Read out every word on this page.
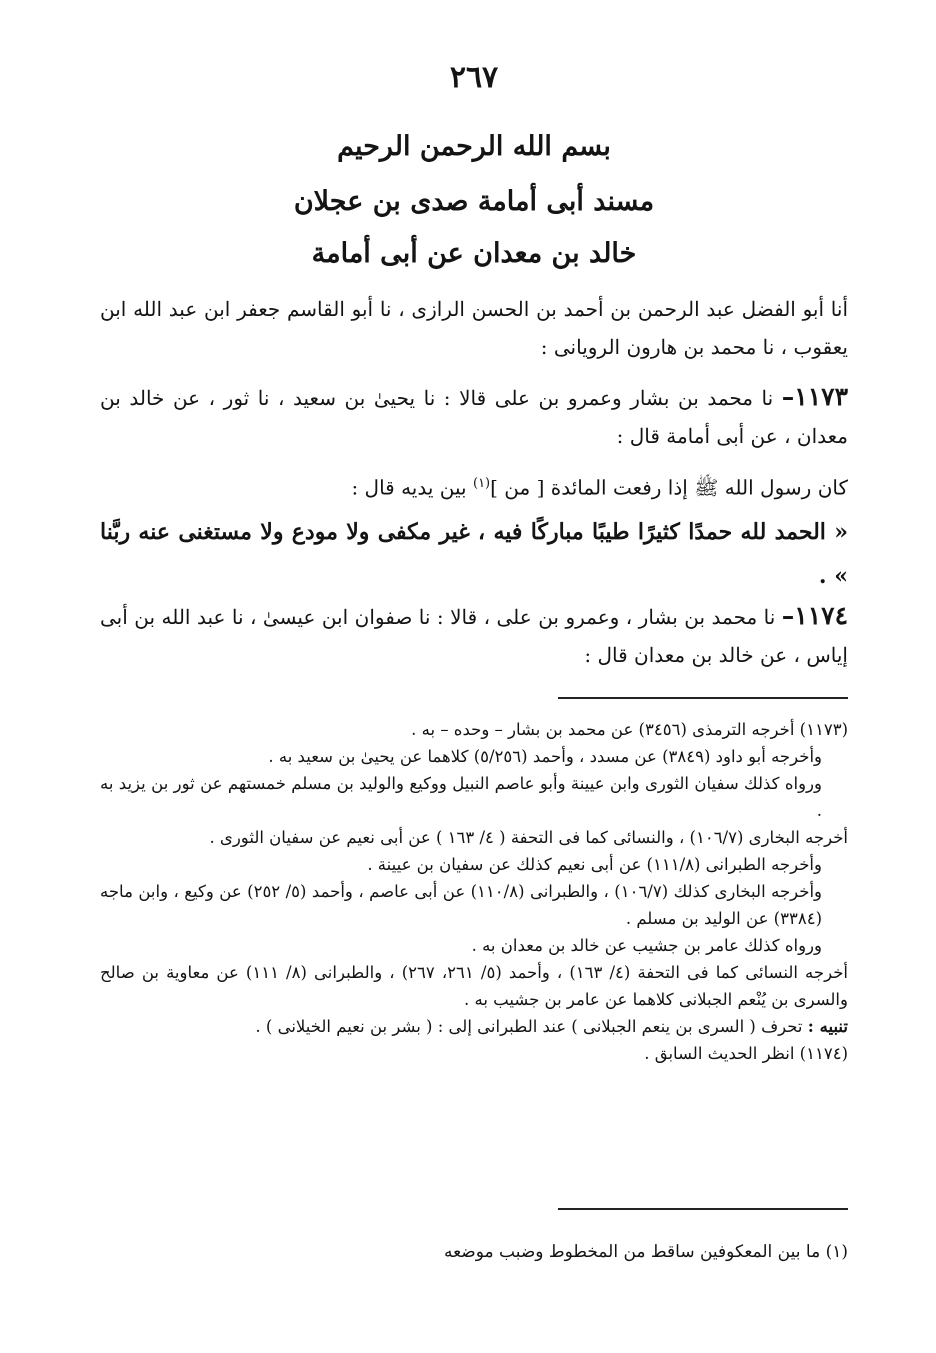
٢٦٧
بسم الله الرحمن الرحيم
مسند أبى أمامة صدى بن عجلان
خالد بن معدان عن أبى أمامة

أنا أبو الفضل عبد الرحمن بن أحمد بن الحسن الرازى ، نا أبو القاسم جعفر ابن عبد الله ابن يعقوب ، نا محمد بن هارون الرويانى :

١١٧٣– نا محمد بن بشار وعمرو بن على قالا : نا يحيىٰ بن سعيد ، نا ثور ، عن خالد بن معدان ، عن أبى أمامة قال :

كان رسول الله ﷺ إذا رفعت المائدة [ من ]$^{(١)}$ بين يديه قال :

« الحمد لله حمدًا كثيرًا طيبًا مباركًا فيه ، غير مكفى ولا مودع ولا مستغنى عنه ربَّنا » .

١١٧٤– نا محمد بن بشار ، وعمرو بن على ، قالا : نا صفوان ابن عيسىٰ ، نا عبد الله بن أبى إياس ، عن خالد بن معدان قال :

(١١٧٣) أخرجه الترمذى (٣٤٥٦) عن محمد بن بشار – وحده – به .

وأخرجه أبو داود (٣٨٤٩) عن مسدد ، وأحمد (٥/٢٥٦) كلاهما عن يحيىٰ بن سعيد به .

ورواه كذلك سفيان الثورى وابن عيينة وأبو عاصم النبيل ووكيع والوليد بن مسلم خمستهم عن ثور بن يزيد به .

أخرجه البخارى (١٠٦/٧) ، والنسائى كما فى التحفة ( ٤/ ١٦٣ ) عن أبى نعيم عن سفيان الثورى .

وأخرجه الطبرانى (١١١/٨) عن أبى نعيم كذلك عن سفيان بن عيينة .

وأخرجه البخارى كذلك (١٠٦/٧) ، والطبرانى (١١٠/٨) عن أبى عاصم ، وأحمد (٥/ ٢٥٢) عن وكيع ، وابن ماجه (٣٣٨٤) عن الوليد بن مسلم .

ورواه كذلك عامر بن جشيب عن خالد بن معدان به .

أخرجه النسائى كما فى التحفة (٤/ ١٦٣) ، وأحمد (٥/ ٢٦١، ٢٦٧) ، والطبرانى (٨/ ١١١) عن معاوية بن صالح والسرى بن يُنْعم الجبلانى كلاهما عن عامر بن جشيب به .

تنبيه : تحرف ( السرى بن ينعم الجبلانى ) عند الطبرانى إلى : ( بشر بن نعيم الخيلانى ) .

(١١٧٤) انظر الحديث السابق .

(١) ما بين المعكوفين ساقط من المخطوط وضبب موضعه
